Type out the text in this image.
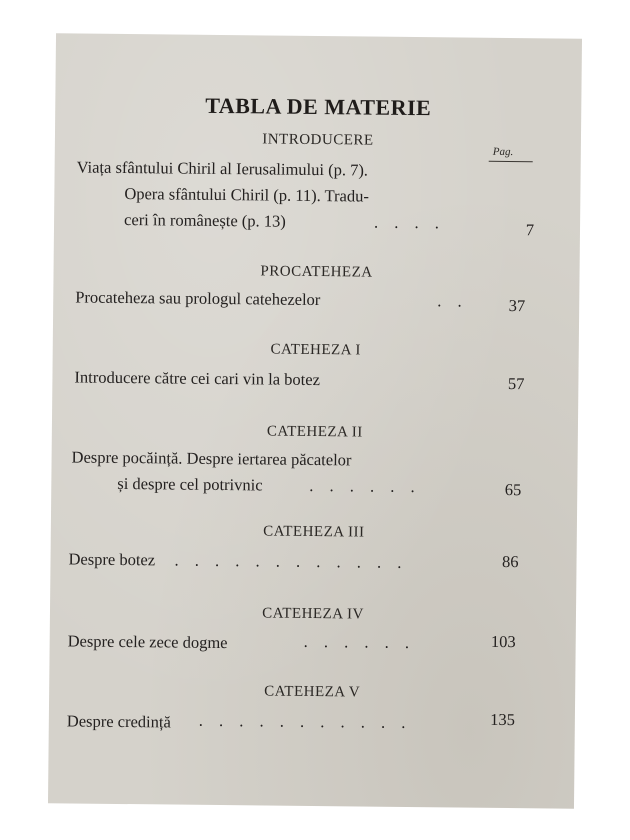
TABLA DE MATERIE
INTRODUCERE
Pag.
Viața sfântului Chiril al Ierusalimului (p. 7).
Opera sfântului Chiril (p. 11). Tradu-
ceri în românește (p. 13)	. . . .	7
PROCATEHEZA
Procateheza sau prologul catehezelor	. .	37
CATEHEZA I
Introducere către cei cari vin la botez	57
CATEHEZA II
Despre pocăință. Despre iertarea păcatelor
și despre cel potrivnic	. . . . . .	65
CATEHEZA III
Despre botez . . . . . . . . . . . .	86
CATEHEZA IV
Despre cele zece dogme	. . . . . .	103
CATEHEZA V
Despre credință . . . . . . . . . . .	135
